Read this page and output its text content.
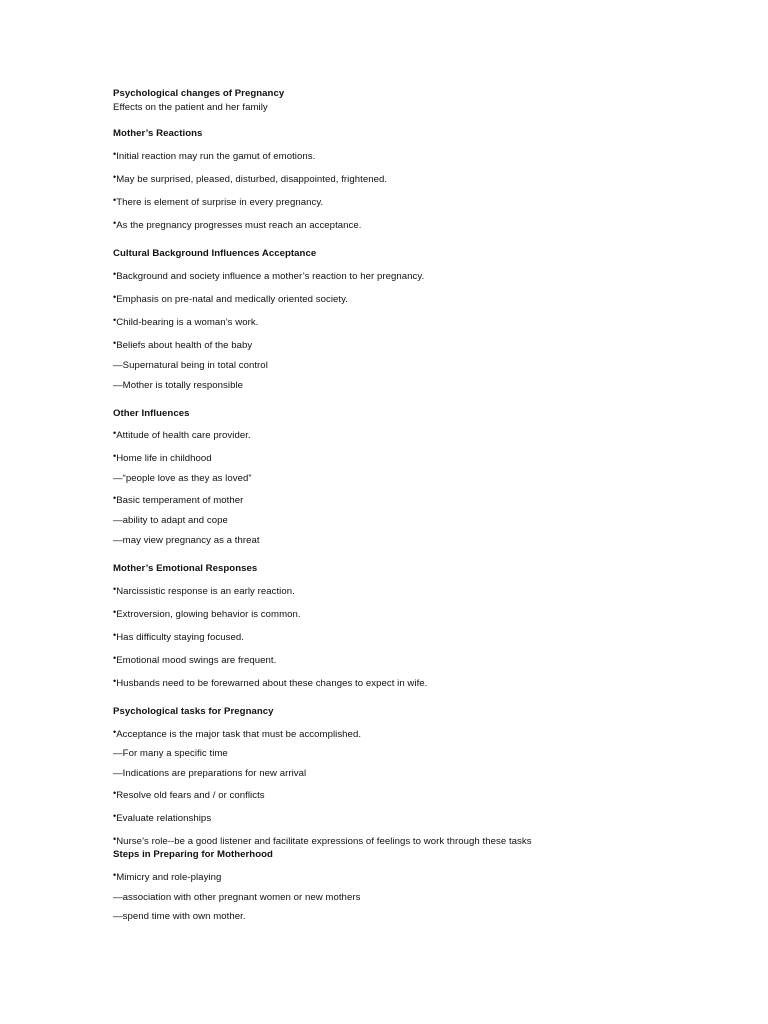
Psychological changes of Pregnancy
Effects on the patient and her family
Mother’s Reactions
•Initial reaction may run the gamut of emotions.
•May be surprised, pleased, disturbed, disappointed, frightened.
•There is element of surprise in every pregnancy.
•As the pregnancy progresses must reach an acceptance.
Cultural Background Influences Acceptance
•Background and society influence a mother’s reaction to her pregnancy.
•Emphasis on pre-natal and medically oriented society.
•Child-bearing is a woman’s work.
•Beliefs about health of the baby
—Supernatural being in total control
—Mother is totally responsible
Other Influences
•Attitude of health care provider.
•Home life in childhood
—“people love as they as loved”
•Basic temperament of mother
—ability to adapt and cope
—may view pregnancy as a threat
Mother’s Emotional Responses
•Narcissistic response is an early reaction.
•Extroversion, glowing behavior is common.
•Has difficulty staying focused.
•Emotional mood swings are frequent.
•Husbands need to be forewarned about these changes to expect in wife.
Psychological tasks for Pregnancy
•Acceptance is the major task that must be accomplished.
—For many a specific time
—Indications are preparations for new arrival
•Resolve old fears and / or conflicts
•Evaluate relationships
•Nurse’s role--be a good listener and facilitate expressions of feelings to work through these tasks
Steps in Preparing for Motherhood
•Mimicry and role-playing
—association with other pregnant women or new mothers
—spend time with own mother.
